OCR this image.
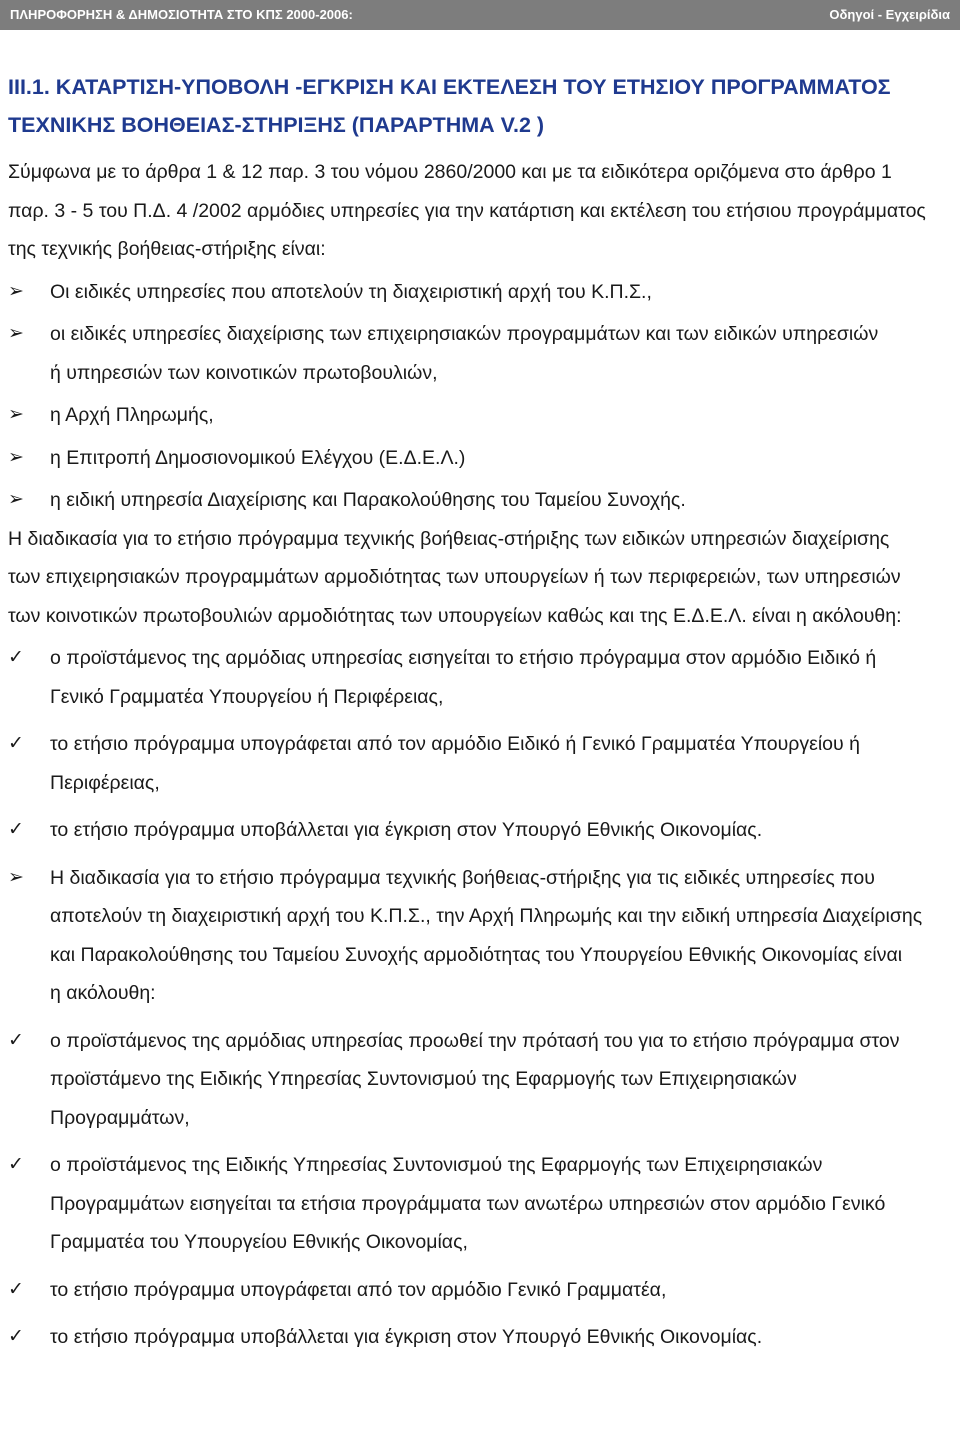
ΠΛΗΡΟΦΟΡΗΣΗ & ΔΗΜΟΣΙΟΤΗΤΑ ΣΤΟ ΚΠΣ 2000-2006:	Οδηγοί - Εγχειρίδια
III.1. ΚΑΤΑΡΤΙΣΗ-ΥΠΟΒΟΛΗ -ΕΓΚΡΙΣΗ ΚΑΙ ΕΚΤΕΛΕΣΗ ΤΟΥ ΕΤΗΣΙΟΥ ΠΡΟΓΡΑΜΜΑΤΟΣ
ΤΕΧΝΙΚΗΣ ΒΟΗΘΕΙΑΣ-ΣΤΗΡΙΞΗΣ (ΠΑΡΑΡΤΗΜΑ V.2 )
Σύμφωνα με το άρθρα 1 & 12 παρ. 3 του νόμου 2860/2000 και με τα ειδικότερα οριζόμενα στο άρθρο 1
παρ. 3 - 5 του Π.Δ. 4 /2002 αρμόδιες υπηρεσίες για την κατάρτιση και εκτέλεση του ετήσιου προγράμματος
της τεχνικής βοήθειας-στήριξης είναι:
➢	Οι ειδικές υπηρεσίες που αποτελούν τη διαχειριστική αρχή του Κ.Π.Σ.,
➢	οι ειδικές υπηρεσίες διαχείρισης των επιχειρησιακών προγραμμάτων και των ειδικών υπηρεσιών
ή υπηρεσιών των κοινοτικών πρωτοβουλιών,
➢	η Αρχή Πληρωμής,
➢	η Επιτροπή Δημοσιονομικού Ελέγχου (Ε.Δ.Ε.Λ.)
➢	η ειδική υπηρεσία Διαχείρισης και Παρακολούθησης του Ταμείου Συνοχής.
Η διαδικασία για το ετήσιο πρόγραμμα τεχνικής βοήθειας-στήριξης των ειδικών υπηρεσιών διαχείρισης
των επιχειρησιακών προγραμμάτων αρμοδιότητας των υπουργείων ή των περιφερειών, των υπηρεσιών
των κοινοτικών πρωτοβουλιών αρμοδιότητας των υπουργείων καθώς και της Ε.Δ.Ε.Λ. είναι η ακόλουθη:
✓	ο προϊστάμενος της αρμόδιας υπηρεσίας εισηγείται το ετήσιο πρόγραμμα στον αρμόδιο Ειδικό ή
Γενικό Γραμματέα Υπουργείου ή Περιφέρειας,
✓	το ετήσιο πρόγραμμα υπογράφεται από τον αρμόδιο Ειδικό ή Γενικό Γραμματέα Υπουργείου ή
Περιφέρειας,
✓	το ετήσιο πρόγραμμα υποβάλλεται για έγκριση στον Υπουργό Εθνικής Οικονομίας.
➢	Η διαδικασία για το ετήσιο πρόγραμμα τεχνικής βοήθειας-στήριξης για τις ειδικές υπηρεσίες που
αποτελούν τη διαχειριστική αρχή του Κ.Π.Σ., την Αρχή Πληρωμής και την ειδική υπηρεσία Διαχείρισης
και Παρακολούθησης του Ταμείου Συνοχής αρμοδιότητας του Υπουργείου Εθνικής Οικονομίας είναι
η ακόλουθη:
✓	ο προϊστάμενος της αρμόδιας υπηρεσίας προωθεί την πρότασή του για το ετήσιο πρόγραμμα στον
προϊστάμενο της Ειδικής Υπηρεσίας Συντονισμού της Εφαρμογής των Επιχειρησιακών
Προγραμμάτων,
✓	ο προϊστάμενος της Ειδικής Υπηρεσίας Συντονισμού της Εφαρμογής των Επιχειρησιακών
Προγραμμάτων εισηγείται τα ετήσια προγράμματα των ανωτέρω υπηρεσιών στον αρμόδιο Γενικό
Γραμματέα του Υπουργείου Εθνικής Οικονομίας,
✓	το ετήσιο πρόγραμμα υπογράφεται από τον αρμόδιο Γενικό Γραμματέα,
✓	το ετήσιο πρόγραμμα υποβάλλεται για έγκριση στον Υπουργό Εθνικής Οικονομίας.
